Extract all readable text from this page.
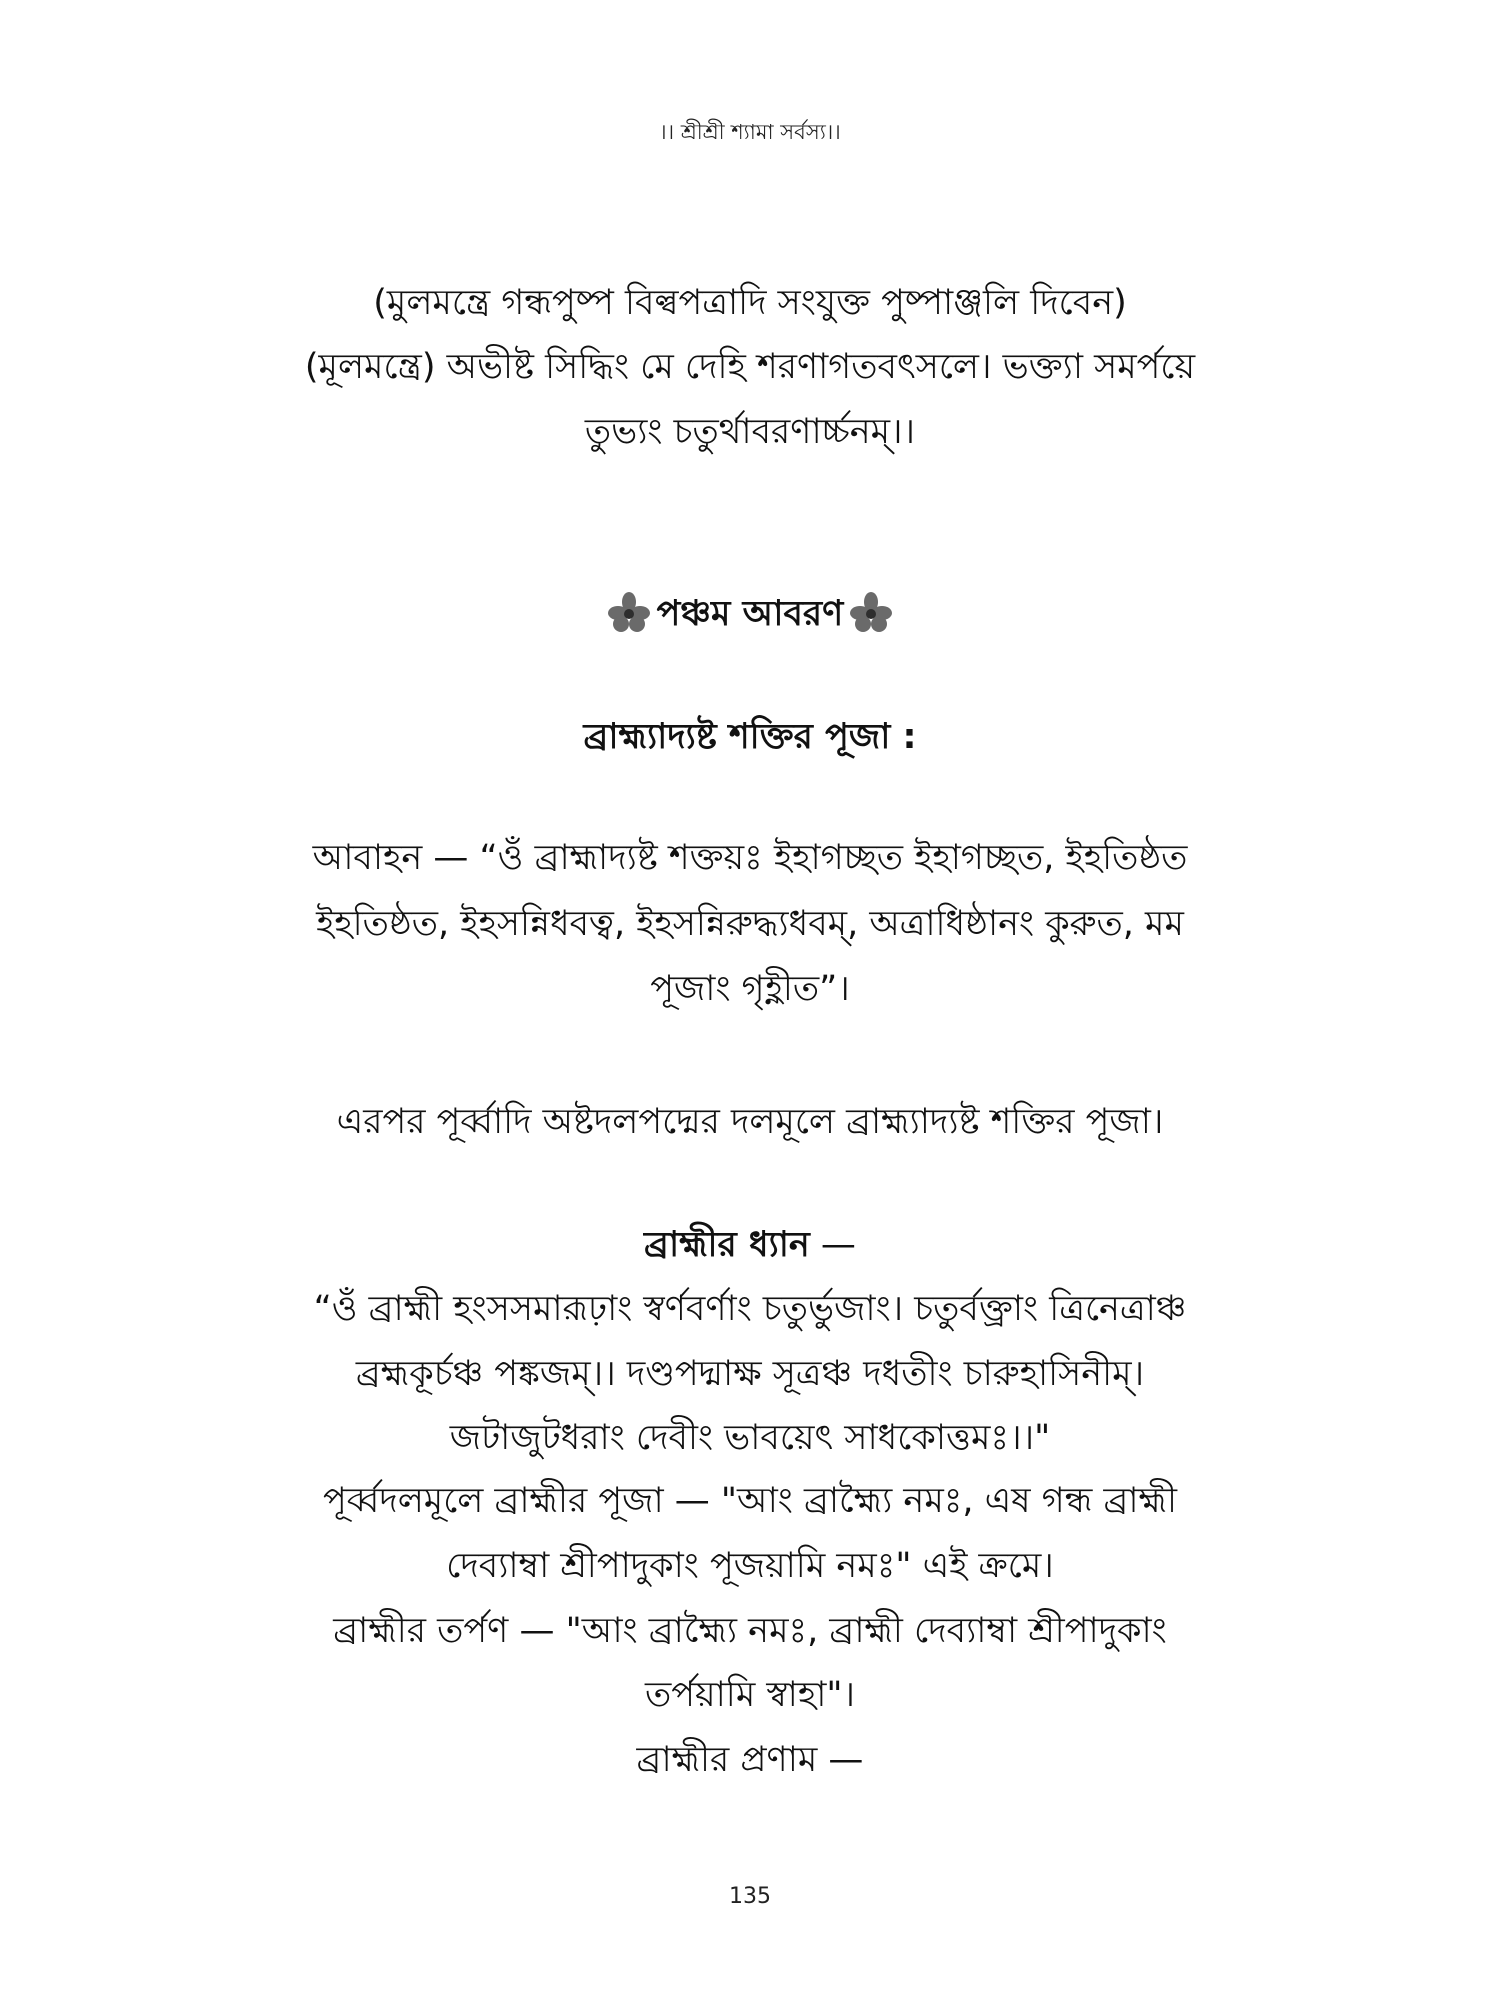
।। শ্রীশ্রী শ্যামা সর্বস্য।।
(মুলমন্ত্রে গন্ধপুষ্প বিল্বপত্রাদি সংযুক্ত পুষ্পাঞ্জলি দিবেন)
(মূলমন্ত্রে) অভীষ্ট সিদ্ধিং মে দেহি শরণাগতবৎসলে। ভক্ত্যা সমর্পয়ে
তুভ্যং চতুর্থাবরণার্চ্চনম্।।
পঞ্চম আবরণ
ব্রাহ্ম্যাদ্যষ্ট শক্তির পূজা :
আবাহন — “ওঁ ব্রাহ্মাদ্যষ্ট শক্তয়ঃ ইহাগচ্ছত ইহাগচ্ছত, ইহতিষ্ঠত
ইহতিষ্ঠত, ইহসন্নিধবত্ব, ইহসন্নিরুদ্ধ্যধবম্, অত্রাধিষ্ঠানং কুরুত, মম
পূজাং গৃহ্ণীত”।
এরপর পূর্ব্বাদি অষ্টদলপদ্মের দলমূলে ব্রাহ্ম্যাদ্যষ্ট শক্তির পূজা।
ব্রাহ্মীর ধ্যান —
“ওঁ ব্রাহ্মী হংসসমারূঢ়াং স্বর্ণবর্ণাং চতুর্ভুজাং। চতুর্বক্ত্রাং ত্রিনেত্রাঞ্চ
ব্রহ্মকূর্চঞ্চ পঙ্কজম্।। দণ্ডপদ্মাক্ষ সূত্রঞ্চ দধতীং চারুহাসিনীম্।
জটাজুটধরাং দেবীং ভাবয়েৎ সাধকোত্তমঃ।।"
পূর্ব্বদলমূলে ব্রাহ্মীর পূজা — "আং ব্রাহ্ম্যৈ নমঃ, এষ গন্ধ ব্রাহ্মী
দেব্যাম্বা শ্রীপাদুকাং পূজয়ামি নমঃ" এই ক্রমে।
ব্রাহ্মীর তর্পণ — "আং ব্রাহ্ম্যৈ নমঃ, ব্রাহ্মী দেব্যাম্বা শ্রীপাদুকাং
তর্পয়ামি স্বাহা"।
ব্রাহ্মীর প্রণাম —
135
